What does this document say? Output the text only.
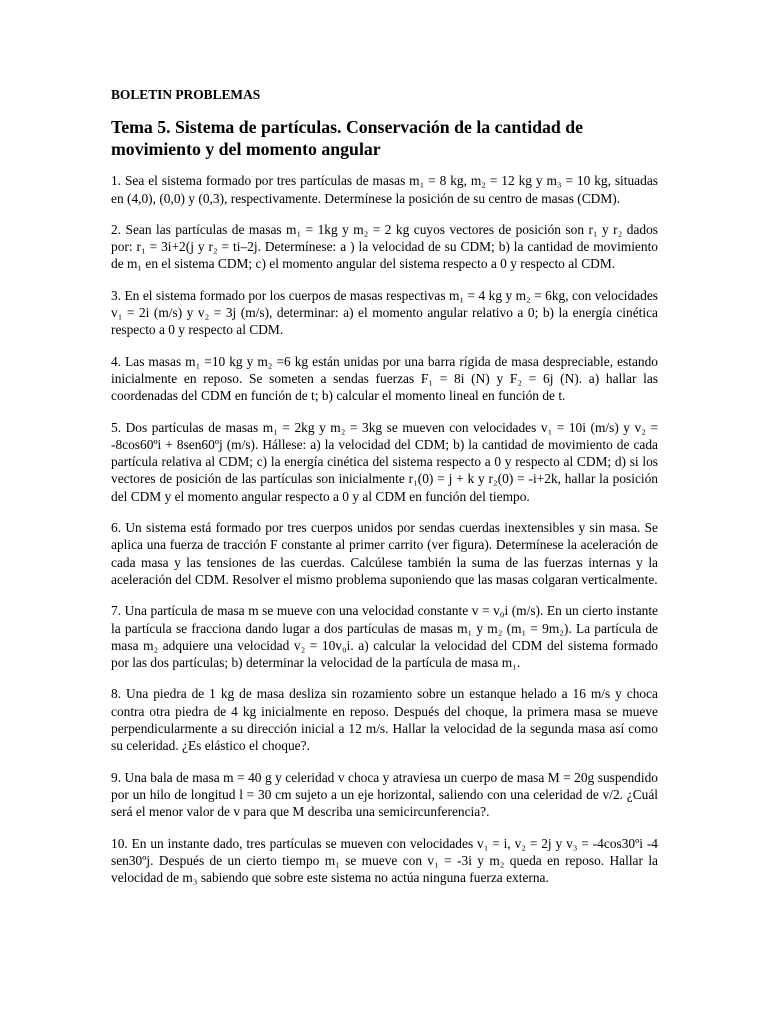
BOLETIN PROBLEMAS
Tema 5. Sistema de partículas. Conservación de la cantidad de movimiento y del momento angular

1. Sea el sistema formado por tres partículas de masas m₁ = 8 kg, m₂ = 12 kg y m₃ = 10 kg, situadas en (4,0), (0,0) y (0,3), respectivamente. Determínese la posición de su centro de masas (CDM).

2. Sean las partículas de masas m₁ = 1kg y m₂ = 2 kg cuyos vectores de posición son r₁ y r₂ dados por: r₁ = 3i+2(j y r₂ = ti–2j. Determínese: a ) la velocidad de su CDM; b) la cantidad de movimiento de m₁ en el sistema CDM; c) el momento angular del sistema respecto a 0 y respecto al CDM.

3. En el sistema formado por los cuerpos de masas respectivas m₁ = 4 kg y m₂ = 6kg, con velocidades v₁ = 2i (m/s) y v₂ = 3j (m/s), determinar: a) el momento angular relativo a 0; b) la energía cinética respecto a 0 y respecto al CDM.

4. Las masas m₁ =10 kg y m₂ =6 kg están unidas por una barra rígida de masa despreciable, estando inicialmente en reposo. Se someten a sendas fuerzas F₁ = 8i (N) y F₂ = 6j (N). a) hallar las coordenadas del CDM en función de t; b) calcular el momento lineal en función de t.

5. Dos partículas de masas m₁ = 2kg y m₂ = 3kg se mueven con velocidades v₁ = 10i (m/s) y v₂ = -8cos60ºi + 8sen60ºj (m/s). Hállese: a) la velocidad del CDM; b) la cantidad de movimiento de cada partícula relativa al CDM; c) la energía cinética del sistema respecto a 0 y respecto al CDM; d) si los vectores de posición de las partículas son inicialmente r₁(0) = j + k y r₂(0) = -i+2k, hallar la posición del CDM y el momento angular respecto a 0 y al CDM en función del tiempo.

6. Un sistema está formado por tres cuerpos unidos por sendas cuerdas inextensibles y sin masa. Se aplica una fuerza de tracción F constante al primer carrito (ver figura). Determínese la aceleración de cada masa y las tensiones de las cuerdas. Calcúlese también la suma de las fuerzas internas y la aceleración del CDM. Resolver el mismo problema suponiendo que las masas colgaran verticalmente.

7. Una partícula de masa m se mueve con una velocidad constante v = v₀i (m/s). En un cierto instante la partícula se fracciona dando lugar a dos partículas de masas m₁ y m₂ (m₁ = 9m₂). La partícula de masa m₂ adquiere una velocidad v₂ = 10v₀i. a) calcular la velocidad del CDM del sistema formado por las dos partículas; b) determinar la velocidad de la partícula de masa m₁.

8. Una piedra de 1 kg de masa desliza sin rozamiento sobre un estanque helado a 16 m/s y choca contra otra piedra de 4 kg inicialmente en reposo. Después del choque, la primera masa se mueve perpendicularmente a su dirección inicial a 12 m/s. Hallar la velocidad de la segunda masa así como su celeridad. ¿Es elástico el choque?.

9. Una bala de masa m = 40 g y celeridad v choca y atraviesa un cuerpo de masa M = 20g suspendido por un hilo de longitud l = 30 cm sujeto a un eje horizontal, saliendo con una celeridad de v/2. ¿Cuál será el menor valor de v para que M describa una semicircunferencia?.

10. En un instante dado, tres partículas se mueven con velocidades v₁ = i, v₂ = 2j y v₃ = -4cos30ºi -4 sen30ºj. Después de un cierto tiempo m₁ se mueve con v₁ = -3i y m₂ queda en reposo. Hallar la velocidad de m₃ sabiendo que sobre este sistema no actúa ninguna fuerza externa.
